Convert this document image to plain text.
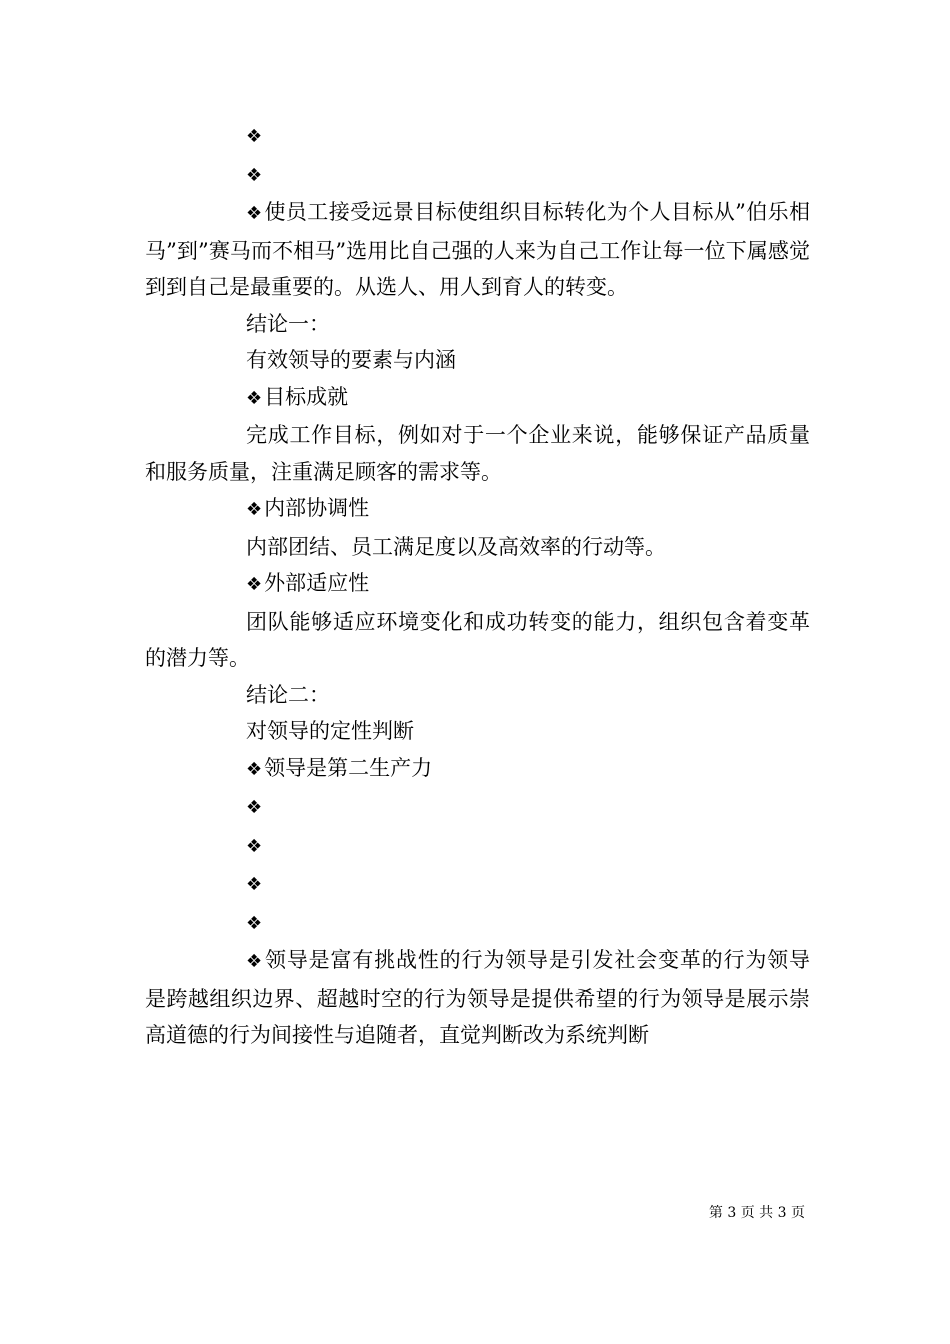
❖

❖

❖使员工接受远景目标使组织目标转化为个人目标从”伯乐相马”到”赛马而不相马”选用比自己强的人来为自己工作让每一位下属感觉到到自己是最重要的。从选人、用人到育人的转变。

结论一：

有效领导的要素与内涵

❖目标成就

完成工作目标，例如对于一个企业来说，能够保证产品质量和服务质量，注重满足顾客的需求等。

❖内部协调性

内部团结、员工满足度以及高效率的行动等。

❖外部适应性

团队能够适应环境变化和成功转变的能力，组织包含着变革的潜力等。

结论二：

对领导的定性判断

❖领导是第二生产力

❖

❖

❖

❖

❖领导是富有挑战性的行为领导是引发社会变革的行为领导是跨越组织边界、超越时空的行为领导是提供希望的行为领导是展示崇高道德的行为间接性与追随者，直觉判断改为系统判断

第 3 页 共 3 页
